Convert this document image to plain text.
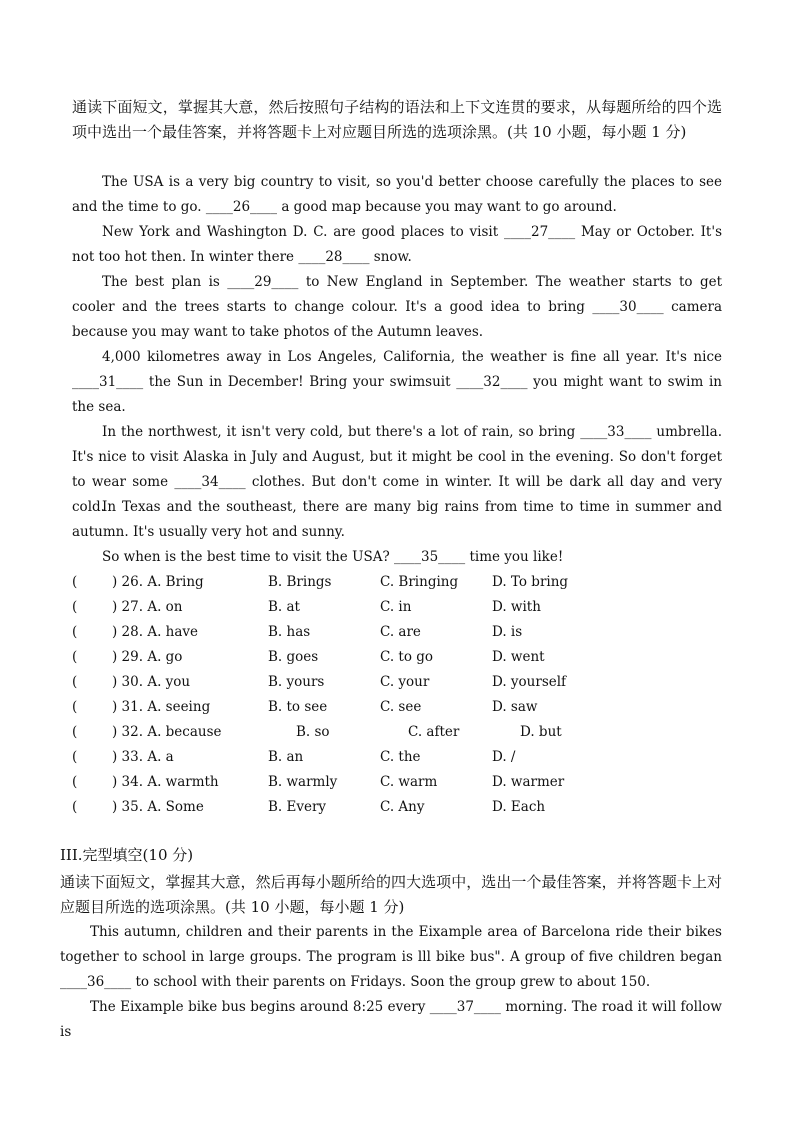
通读下面短文，掌握其大意，然后按照句子结构的语法和上下文连贯的要求，从每题所给的四个选项中选出一个最佳答案，并将答题卡上对应题目所选的选项涂黑。(共 10 小题，每小题 1 分)

The USA is a very big country to visit, so you'd better choose carefully the places to see and the time to go. ____26____ a good map because you may want to go around.

New York and Washington D. C. are good places to visit ____27____ May or October. It's not too hot then. In winter there ____28____ snow.

The best plan is ____29____ to New England in September. The weather starts to get cooler and the trees starts to change colour. It's a good idea to bring ____30____ camera because you may want to take photos of the Autumn leaves.

4,000 kilometres away in Los Angeles, California, the weather is fine all year. It's nice ____31____ the Sun in December! Bring your swimsuit ____32____ you might want to swim in the sea.

In the northwest, it isn't very cold, but there's a lot of rain, so bring ____33____ umbrella. It's nice to visit Alaska in July and August, but it might be cool in the evening. So don't forget to wear some ____34____ clothes. But don't come in winter. It will be dark all day and very cold.

In Texas and the southeast, there are many big rains from time to time in summer and autumn. It's usually very hot and sunny.

So when is the best time to visit the USA? ____35____ time you like!

(	) 26. A. Bring	B. Brings	C. Bringing	D. To bring
(	) 27. A. on	B. at	C. in	D. with
(	) 28. A. have	B. has	C. are	D. is
(	) 29. A. go	B. goes	C. to go	D. went
(	) 30. A. you	B. yours	C. your	D. yourself
(	) 31. A. seeing	B. to see	C. see	D. saw
(	) 32. A. because	B. so	C. after	D. but
(	) 33. A. a	B. an	C. the	D. /
(	) 34. A. warmth	B. warmly	C. warm	D. warmer
(	) 35. A. Some	B. Every	C. Any	D. Each

III.完型填空(10 分)

通读下面短文，掌握其大意，然后再每小题所给的四大选项中，选出一个最佳答案，并将答题卡上对应题目所选的选项涂黑。(共 10 小题，每小题 1 分)

This autumn, children and their parents in the Eixample area of Barcelona ride their bikes together to school in large groups. The program is lll bike bus". A group of five children began ____36____ to school with their parents on Fridays. Soon the group grew to about 150.

The Eixample bike bus begins around 8:25 every ____37____ morning. The road it will follow is
